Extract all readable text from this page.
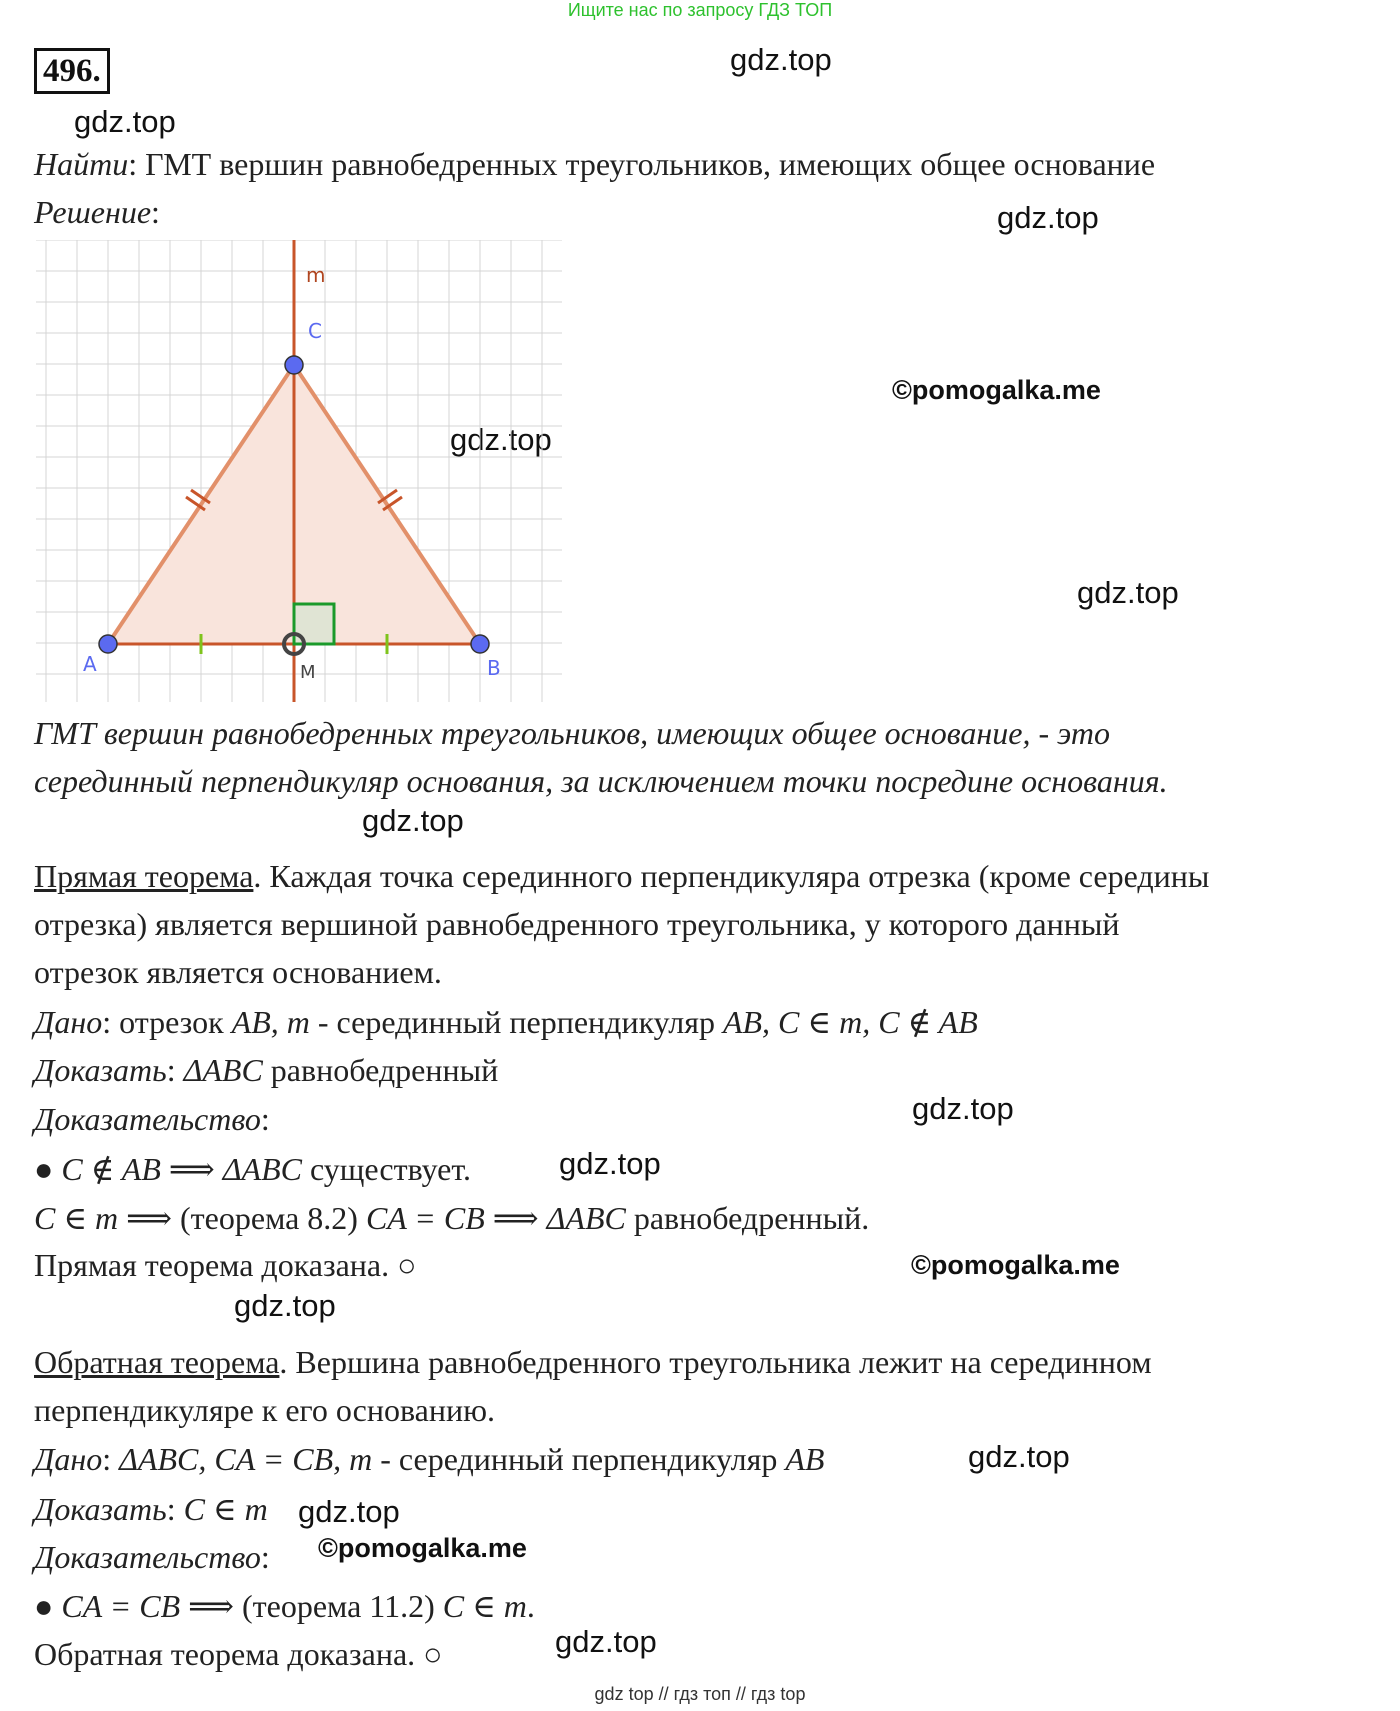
Ищите нас по запросу ГДЗ ТОП
496.	gdz.top
gdz.top
gdz.top
©pomogalka.me
gdz.top
gdz.top
gdz.top
gdz.top
gdz.top
©pomogalka.me
gdz.top
gdz.top
gdz.top
©pomogalka.me
gdz.top
Найти: ГМТ вершин равнобедренных треугольников, имеющих общее основание
Решение:
m
C
A	B
M
ГМТ вершин равнобедренных треугольников, имеющих общее основание, - это
серединный перпендикуляр основания, за исключением точки посредине основания.
Прямая теорема. Каждая точка серединного перпендикуляра отрезка (кроме середины
отрезка) является вершиной равнобедренного треугольника, у которого данный
отрезок является основанием.
Дано: отрезок AB, m - серединный перпендикуляр AB, C ∈ m, C ∉ AB
Доказать: ΔABC равнобедренный
Доказательство:
● C ∉ AB ⟹ ΔABC существует.
C ∈ m ⟹ (теорема 8.2) CA = CB ⟹ ΔABC равнобедренный.
Прямая теорема доказана. ○
Обратная теорема. Вершина равнобедренного треугольника лежит на серединном
перпендикуляре к его основанию.
Дано: ΔABC, CA = CB, m - серединный перпендикуляр AB
Доказать: C ∈ m
Доказательство:
● CA = CB ⟹ (теорема 11.2) C ∈ m.
Обратная теорема доказана. ○
gdz top // гдз топ // гдз top
